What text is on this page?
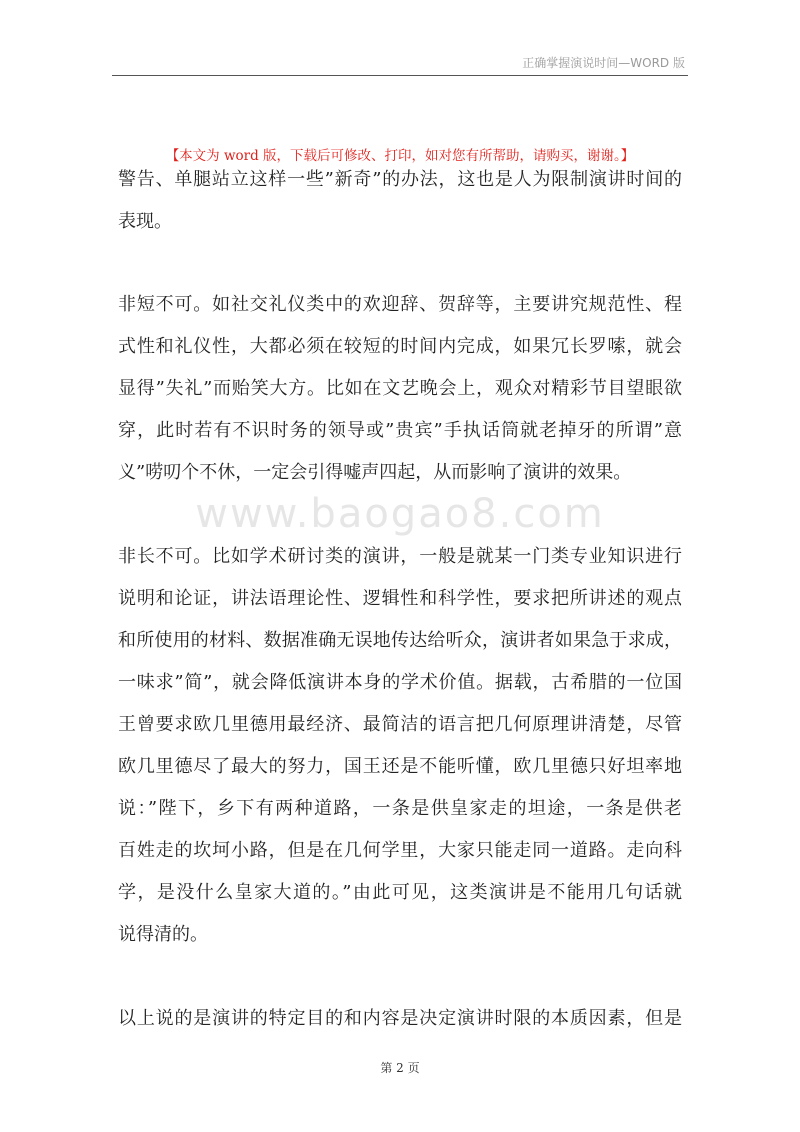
正确掌握演说时间—WORD 版
【本文为 word 版，下载后可修改、打印，如对您有所帮助，请购买，谢谢。】
www.baogao8.com
警告、单腿站立这样一些”新奇”的办法，这也是人为限制演讲时间的
表现。
非短不可。如社交礼仪类中的欢迎辞、贺辞等，主要讲究规范性、程
式性和礼仪性，大都必须在较短的时间内完成，如果冗长罗嗦，就会
显得”失礼”而贻笑大方。比如在文艺晚会上，观众对精彩节目望眼欲
穿，此时若有不识时务的领导或”贵宾”手执话筒就老掉牙的所谓”意
义”唠叨个不休，一定会引得嘘声四起，从而影响了演讲的效果。
非长不可。比如学术研讨类的演讲，一般是就某一门类专业知识进行
说明和论证，讲法语理论性、逻辑性和科学性，要求把所讲述的观点
和所使用的材料、数据准确无误地传达给听众，演讲者如果急于求成，
一味求”简”，就会降低演讲本身的学术价值。据载，古希腊的一位国
王曾要求欧几里德用最经济、最简洁的语言把几何原理讲清楚，尽管
欧几里德尽了最大的努力，国王还是不能听懂，欧几里德只好坦率地
说：”陛下，乡下有两种道路，一条是供皇家走的坦途，一条是供老
百姓走的坎坷小路，但是在几何学里，大家只能走同一道路。走向科
学，是没什么皇家大道的。”由此可见，这类演讲是不能用几句话就
说得清的。
以上说的是演讲的特定目的和内容是决定演讲时限的本质因素，但是
第 2 页
